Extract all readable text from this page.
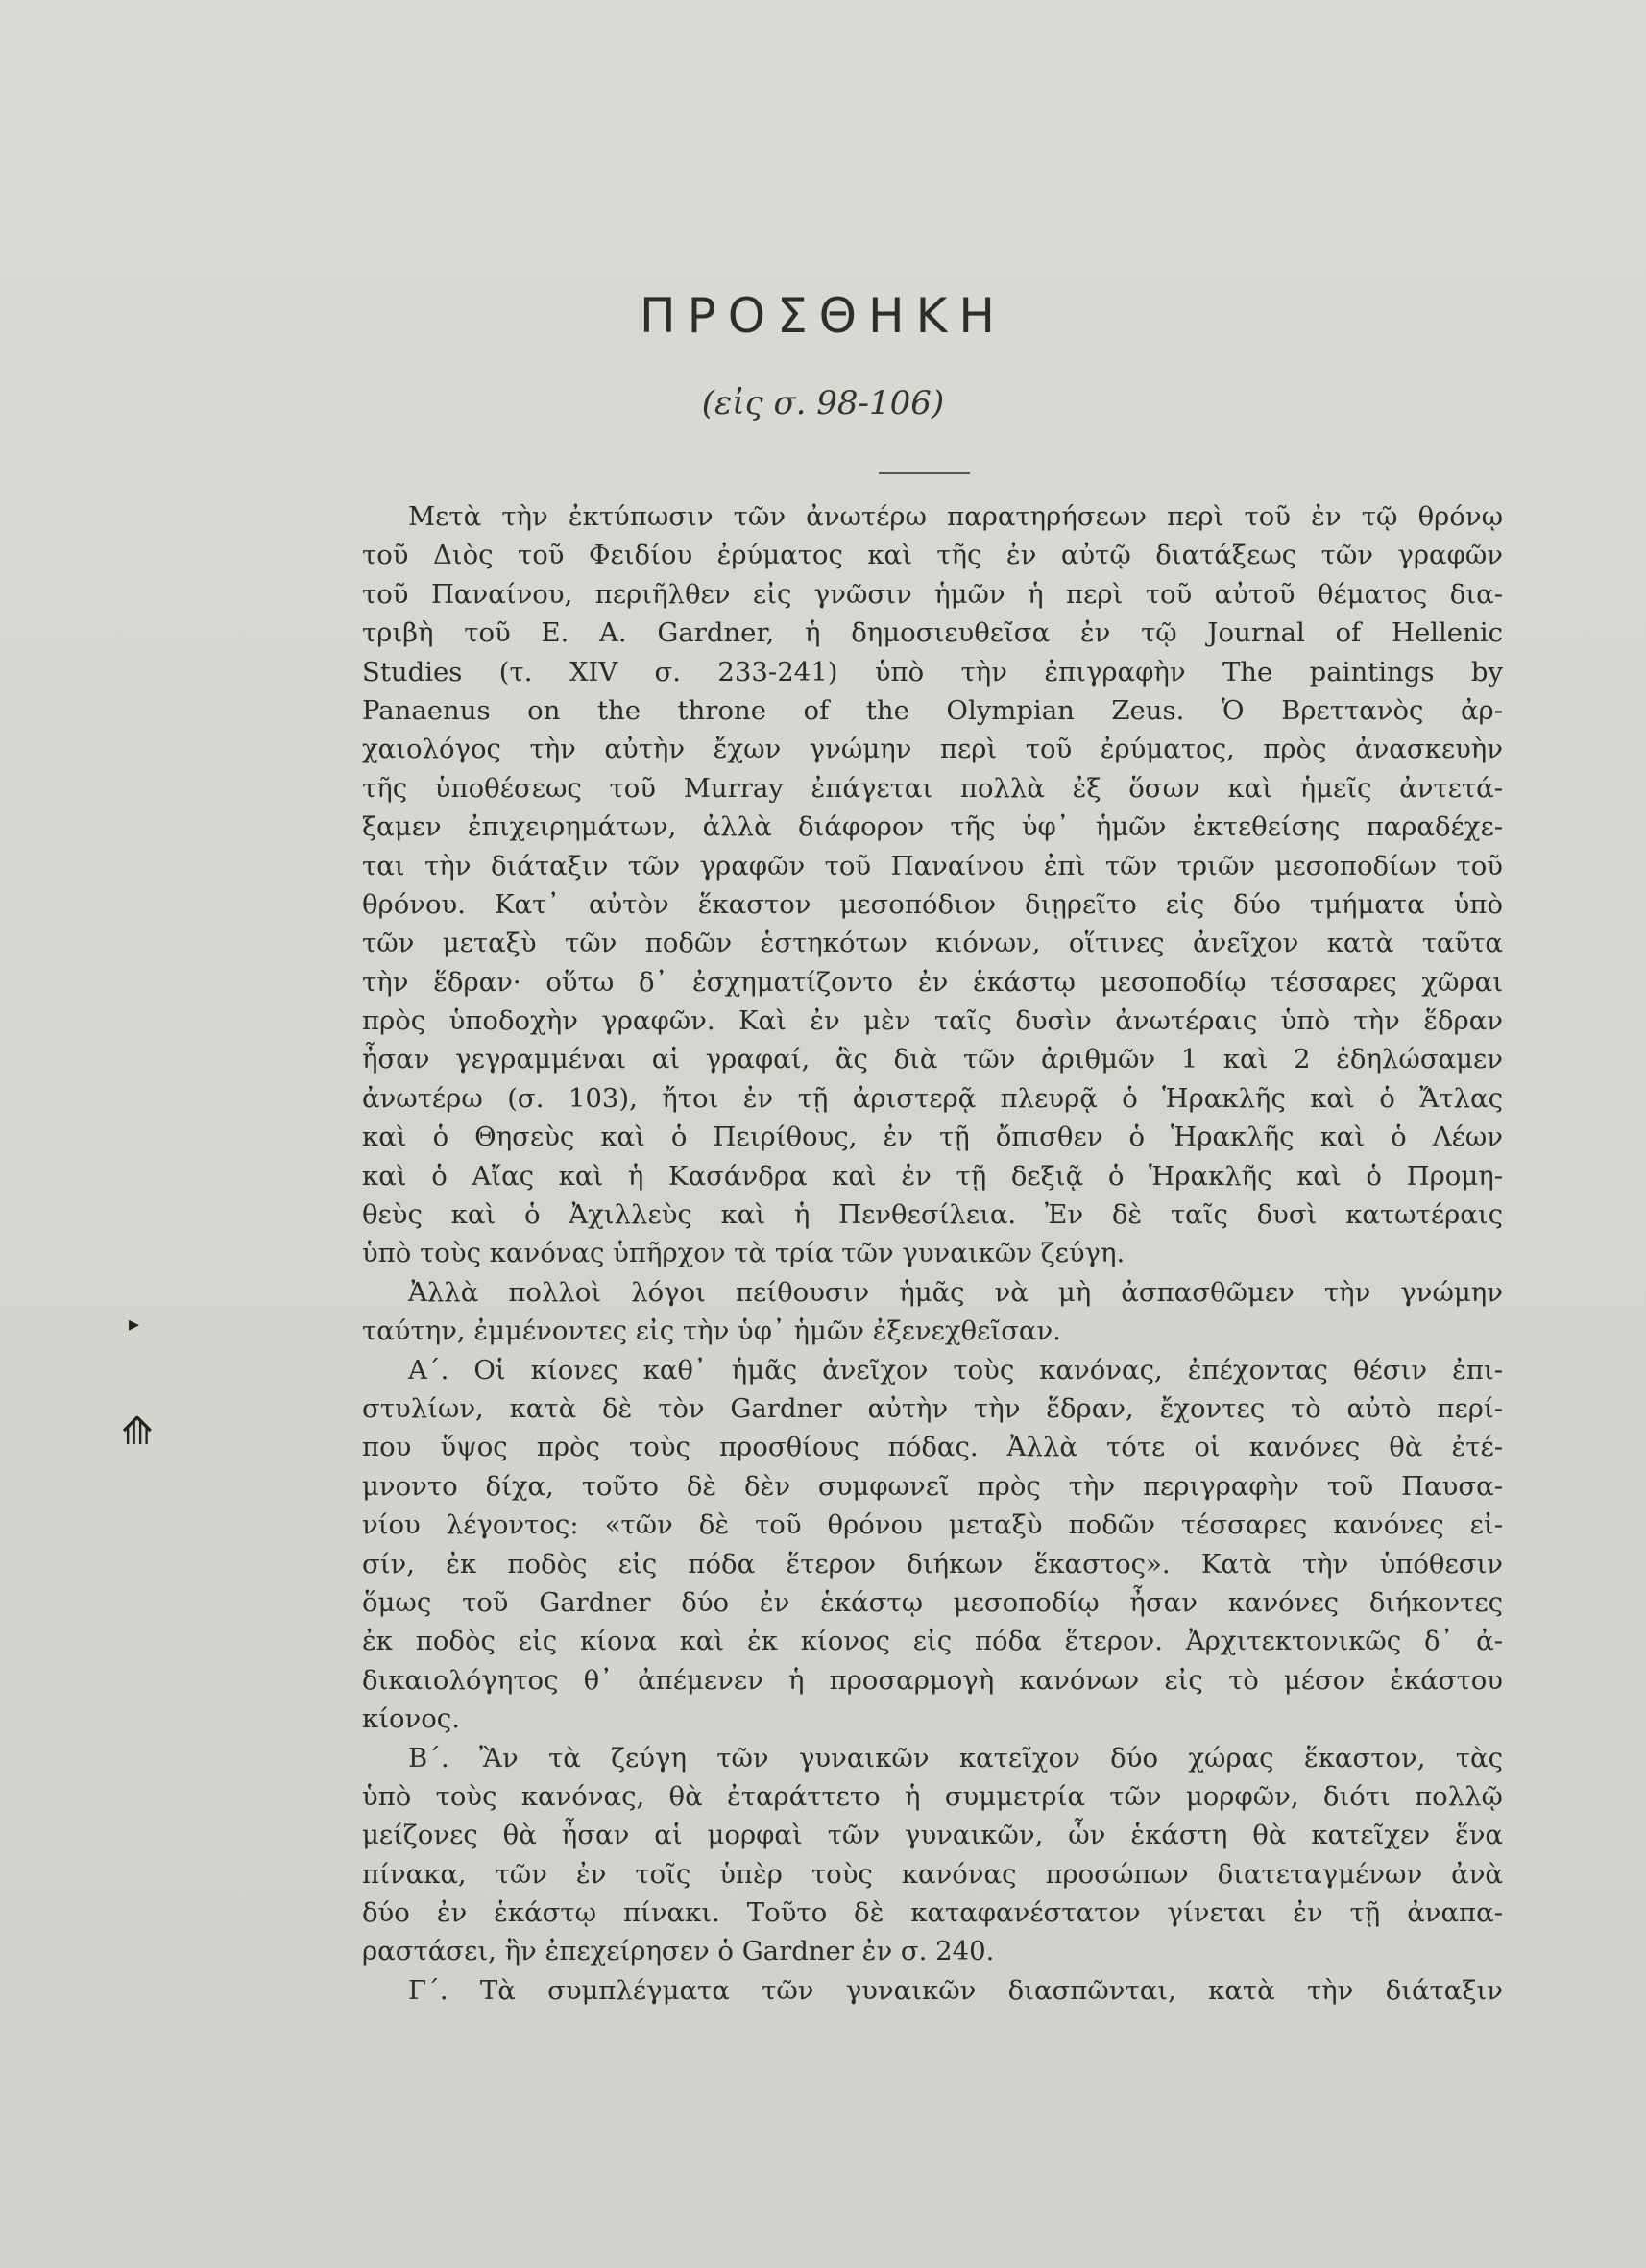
ΠΡΟΣΘΗΚΗ
(εἰς σ. 98-106)
Μετὰ τὴν ἐκτύπωσιν τῶν ἀνωτέρω παρατηρήσεων περὶ τοῦ ἐν τῷ θρόνῳ
τοῦ Διὸς τοῦ Φειδίου ἐρύματος καὶ τῆς ἐν αὐτῷ διατάξεως τῶν γραφῶν
τοῦ Παναίνου, περιῆλθεν εἰς γνῶσιν ἡμῶν ἡ περὶ τοῦ αὐτοῦ θέματος δια-
τριβὴ τοῦ E. A. Gardner, ἡ δημοσιευθεῖσα ἐν τῷ Journal of Hellenic
Studies (τ. XIV σ. 233-241) ὑπὸ τὴν ἐπιγραφὴν The paintings by
Panaenus on the throne of the Olympian Zeus. Ὁ Βρεττανὸς ἀρ-
χαιολόγος τὴν αὐτὴν ἔχων γνώμην περὶ τοῦ ἐρύματος, πρὸς ἀνασκευὴν
τῆς ὑποθέσεως τοῦ Murray ἐπάγεται πολλὰ ἐξ ὅσων καὶ ἡμεῖς ἀντετά-
ξαμεν ἐπιχειρημάτων, ἀλλὰ διάφορον τῆς ὑφ᾽ ἡμῶν ἐκτεθείσης παραδέχε-
ται τὴν διάταξιν τῶν γραφῶν τοῦ Παναίνου ἐπὶ τῶν τριῶν μεσοποδίων τοῦ
θρόνου. Κατ᾽ αὐτὸν ἕκαστον μεσοπόδιον διῃρεῖτο εἰς δύο τμήματα ὑπὸ
τῶν μεταξὺ τῶν ποδῶν ἑστηκότων κιόνων, οἵτινες ἀνεῖχον κατὰ ταῦτα
τὴν ἕδραν· οὕτω δ᾽ ἐσχηματίζοντο ἐν ἑκάστῳ μεσοποδίῳ τέσσαρες χῶραι
πρὸς ὑποδοχὴν γραφῶν. Καὶ ἐν μὲν ταῖς δυσὶν ἀνωτέραις ὑπὸ τὴν ἕδραν
ἦσαν γεγραμμέναι αἱ γραφαί, ἃς διὰ τῶν ἀριθμῶν 1 καὶ 2 ἐδηλώσαμεν
ἀνωτέρω (σ. 103), ἤτοι ἐν τῇ ἀριστερᾷ πλευρᾷ ὁ Ἡρακλῆς καὶ ὁ Ἄτλας
καὶ ὁ Θησεὺς καὶ ὁ Πειρίθους, ἐν τῇ ὄπισθεν ὁ Ἡρακλῆς καὶ ὁ Λέων
καὶ ὁ Αἴας καὶ ἡ Κασάνδρα καὶ ἐν τῇ δεξιᾷ ὁ Ἡρακλῆς καὶ ὁ Προμη-
θεὺς καὶ ὁ Ἀχιλλεὺς καὶ ἡ Πενθεσίλεια. Ἐν δὲ ταῖς δυσὶ κατωτέραις
ὑπὸ τοὺς κανόνας ὑπῆρχον τὰ τρία τῶν γυναικῶν ζεύγη.
Ἀλλὰ πολλοὶ λόγοι πείθουσιν ἡμᾶς νὰ μὴ ἀσπασθῶμεν τὴν γνώμην
ταύτην, ἐμμένοντες εἰς τὴν ὑφ᾽ ἡμῶν ἐξενεχθεῖσαν.
Α΄. Οἱ κίονες καθ᾽ ἡμᾶς ἀνεῖχον τοὺς κανόνας, ἐπέχοντας θέσιν ἐπι-
στυλίων, κατὰ δὲ τὸν Gardner αὐτὴν τὴν ἕδραν, ἔχοντες τὸ αὐτὸ περί-
που ὕψος πρὸς τοὺς προσθίους πόδας. Ἀλλὰ τότε οἱ κανόνες θὰ ἐτέ-
μνοντο δίχα, τοῦτο δὲ δὲν συμφωνεῖ πρὸς τὴν περιγραφὴν τοῦ Παυσα-
νίου λέγοντος: «τῶν δὲ τοῦ θρόνου μεταξὺ ποδῶν τέσσαρες κανόνες εἰ-
σίν, ἐκ ποδὸς εἰς πόδα ἕτερον διήκων ἕκαστος». Κατὰ τὴν ὑπόθεσιν
ὅμως τοῦ Gardner δύο ἐν ἑκάστῳ μεσοποδίῳ ἦσαν κανόνες διήκοντες
ἐκ ποδὸς εἰς κίονα καὶ ἐκ κίονος εἰς πόδα ἕτερον. Ἀρχιτεκτονικῶς δ᾽ ἀ-
δικαιολόγητος θ᾽ ἀπέμενεν ἡ προσαρμογὴ κανόνων εἰς τὸ μέσον ἑκάστου
κίονος.
Β΄. Ἂν τὰ ζεύγη τῶν γυναικῶν κατεῖχον δύο χώρας ἕκαστον, τὰς
ὑπὸ τοὺς κανόνας, θὰ ἐταράττετο ἡ συμμετρία τῶν μορφῶν, διότι πολλῷ
μείζονες θὰ ἦσαν αἱ μορφαὶ τῶν γυναικῶν, ὧν ἑκάστη θὰ κατεῖχεν ἕνα
πίνακα, τῶν ἐν τοῖς ὑπὲρ τοὺς κανόνας προσώπων διατεταγμένων ἀνὰ
δύο ἐν ἑκάστῳ πίνακι. Τοῦτο δὲ καταφανέστατον γίνεται ἐν τῇ ἀναπα-
ραστάσει, ἣν ἐπεχείρησεν ὁ Gardner ἐν σ. 240.
Γ΄. Τὰ συμπλέγματα τῶν γυναικῶν διασπῶνται, κατὰ τὴν διάταξιν
▸
⟰
